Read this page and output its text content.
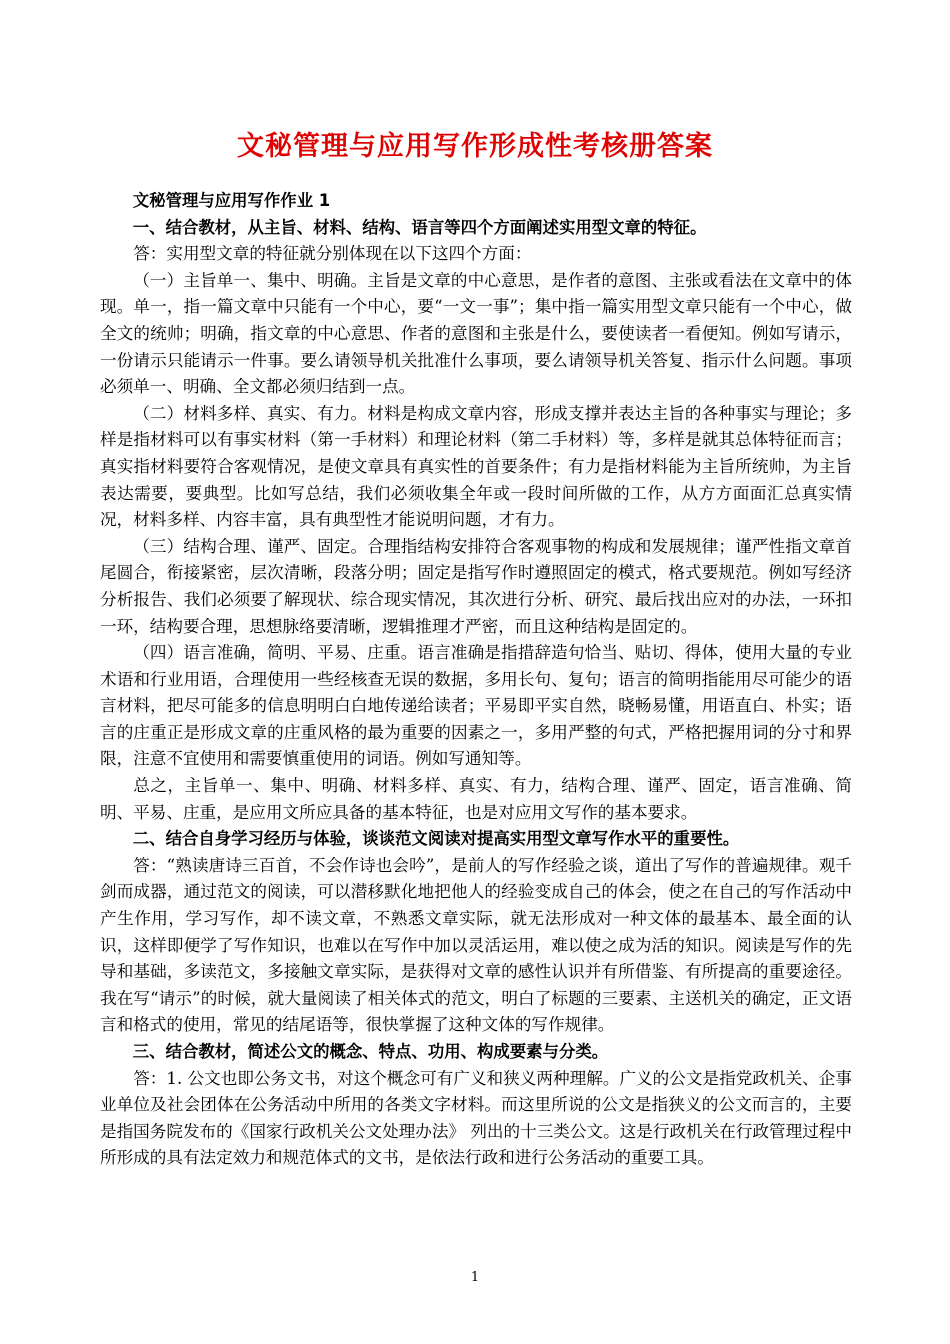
文秘管理与应用写作形成性考核册答案

文秘管理与应用写作作业 1

一、结合教材，从主旨、材料、结构、语言等四个方面阐述实用型文章的特征。

答：实用型文章的特征就分别体现在以下这四个方面：

（一）主旨单一、集中、明确。主旨是文章的中心意思，是作者的意图、主张或看法在文章中的体现。单一，指一篇文章中只能有一个中心，要“一文一事”；集中指一篇实用型文章只能有一个中心，做全文的统帅；明确，指文章的中心意思、作者的意图和主张是什么，要使读者一看便知。例如写请示，一份请示只能请示一件事。要么请领导机关批准什么事项，要么请领导机关答复、指示什么问题。事项必须单一、明确、全文都必须归结到一点。

（二）材料多样、真实、有力。材料是构成文章内容，形成支撑并表达主旨的各种事实与理论；多样是指材料可以有事实材料（第一手材料）和理论材料（第二手材料）等，多样是就其总体特征而言；真实指材料要符合客观情况，是使文章具有真实性的首要条件；有力是指材料能为主旨所统帅，为主旨表达需要，要典型。比如写总结，我们必须收集全年或一段时间所做的工作，从方方面面汇总真实情况，材料多样、内容丰富，具有典型性才能说明问题，才有力。

（三）结构合理、谨严、固定。合理指结构安排符合客观事物的构成和发展规律；谨严性指文章首尾圆合，衔接紧密，层次清晰，段落分明；固定是指写作时遵照固定的模式，格式要规范。例如写经济分析报告、我们必须要了解现状、综合现实情况，其次进行分析、研究、最后找出应对的办法，一环扣一环，结构要合理，思想脉络要清晰，逻辑推理才严密，而且这种结构是固定的。

（四）语言准确，简明、平易、庄重。语言准确是指措辞造句恰当、贴切、得体，使用大量的专业术语和行业用语，合理使用一些经核查无误的数据，多用长句、复句；语言的简明指能用尽可能少的语言材料，把尽可能多的信息明明白白地传递给读者；平易即平实自然，晓畅易懂，用语直白、朴实；语言的庄重正是形成文章的庄重风格的最为重要的因素之一，多用严整的句式，严格把握用词的分寸和界限，注意不宜使用和需要慎重使用的词语。例如写通知等。

总之，主旨单一、集中、明确、材料多样、真实、有力，结构合理、谨严、固定，语言准确、简明、平易、庄重，是应用文所应具备的基本特征，也是对应用文写作的基本要求。

二、结合自身学习经历与体验，谈谈范文阅读对提高实用型文章写作水平的重要性。

答：“熟读唐诗三百首，不会作诗也会吟”，是前人的写作经验之谈，道出了写作的普遍规律。观千剑而成器，通过范文的阅读，可以潜移默化地把他人的经验变成自己的体会，使之在自己的写作活动中产生作用，学习写作，却不读文章，不熟悉文章实际，就无法形成对一种文体的最基本、最全面的认识，这样即便学了写作知识，也难以在写作中加以灵活运用，难以使之成为活的知识。阅读是写作的先导和基础，多读范文，多接触文章实际，是获得对文章的感性认识并有所借鉴、有所提高的重要途径。我在写“请示”的时候，就大量阅读了相关体式的范文，明白了标题的三要素、主送机关的确定，正文语言和格式的使用，常见的结尾语等，很快掌握了这种文体的写作规律。

三、结合教材，简述公文的概念、特点、功用、构成要素与分类。

答：1. 公文也即公务文书，对这个概念可有广义和狭义两种理解。广义的公文是指党政机关、企事业单位及社会团体在公务活动中所用的各类文字材料。而这里所说的公文是指狭义的公文而言的，主要是指国务院发布的《国家行政机关公文处理办法》 列出的十三类公文。这是行政机关在行政管理过程中所形成的具有法定效力和规范体式的文书，是依法行政和进行公务活动的重要工具。

1
